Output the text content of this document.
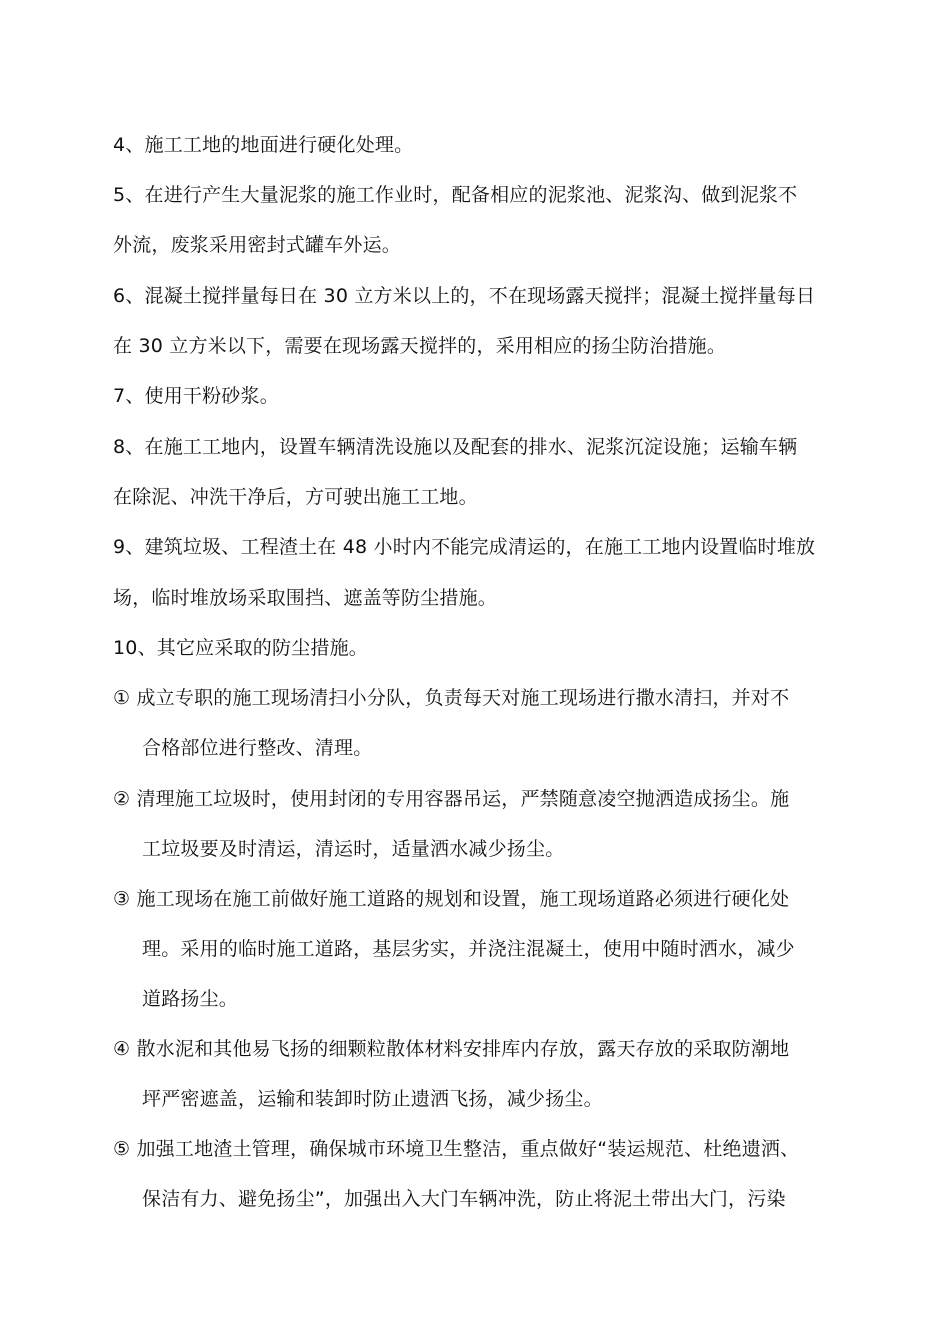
4、施工工地的地面进行硬化处理。
5、在进行产生大量泥浆的施工作业时，配备相应的泥浆池、泥浆沟、做到泥浆不
外流，废浆采用密封式罐车外运。
6、混凝土搅拌量每日在 30 立方米以上的，不在现场露天搅拌；混凝土搅拌量每日
在 30 立方米以下，需要在现场露天搅拌的，采用相应的扬尘防治措施。
7、使用干粉砂浆。
8、在施工工地内，设置车辆清洗设施以及配套的排水、泥浆沉淀设施；运输车辆
在除泥、冲洗干净后，方可驶出施工工地。
9、建筑垃圾、工程渣土在 48 小时内不能完成清运的，在施工工地内设置临时堆放
场，临时堆放场采取围挡、遮盖等防尘措施。
10、其它应采取的防尘措施。
① 成立专职的施工现场清扫小分队，负责每天对施工现场进行撒水清扫，并对不
合格部位进行整改、清理。
② 清理施工垃圾时，使用封闭的专用容器吊运，严禁随意凌空抛洒造成扬尘。施
工垃圾要及时清运，清运时，适量洒水减少扬尘。
③ 施工现场在施工前做好施工道路的规划和设置，施工现场道路必须进行硬化处
理。采用的临时施工道路，基层劣实，并浇注混凝土，使用中随时洒水，减少
道路扬尘。
④ 散水泥和其他易飞扬的细颗粒散体材料安排库内存放，露天存放的采取防潮地
坪严密遮盖，运输和装卸时防止遗洒飞扬，减少扬尘。
⑤ 加强工地渣土管理，确保城市环境卫生整洁，重点做好“装运规范、杜绝遗洒、
保洁有力、避免扬尘”，加强出入大门车辆冲洗，防止将泥土带出大门，污染
